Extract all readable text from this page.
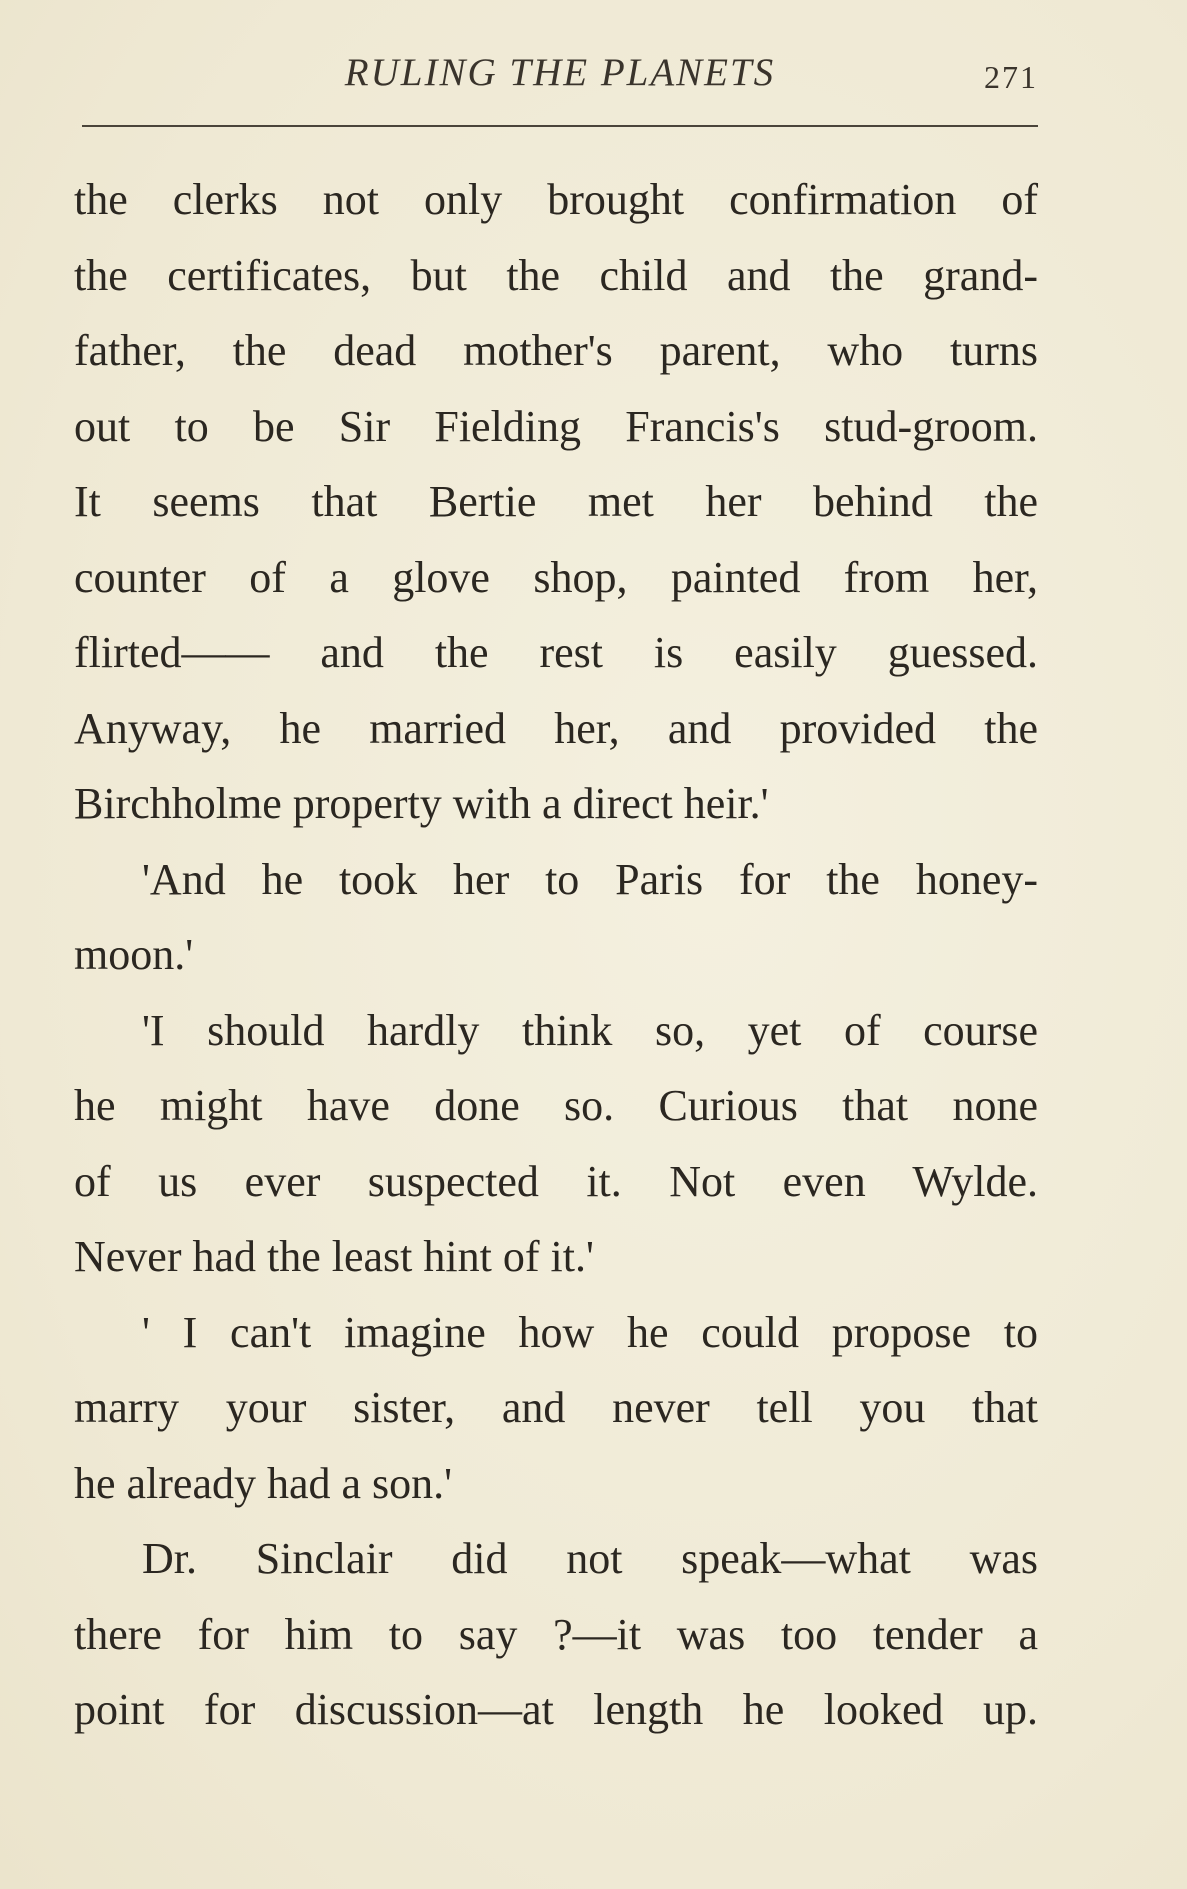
RULING THE PLANETS	271
the clerks not only brought confirmation of
the certificates, but the child and the grand-
father, the dead mother's parent, who turns
out to be Sir Fielding Francis's stud-groom.
It seems that Bertie met her behind the
counter of a glove shop, painted from her,
flirted—— and the rest is easily guessed.
Anyway, he married her, and provided the
Birchholme property with a direct heir.'
'And he took her to Paris for the honey-
moon.'
'I should hardly think so, yet of course
he might have done so. Curious that none
of us ever suspected it. Not even Wylde.
Never had the least hint of it.'
' I can't imagine how he could propose to
marry your sister, and never tell you that
he already had a son.'
Dr. Sinclair did not speak—what was
there for him to say ?—it was too tender a
point for discussion—at length he looked up.
